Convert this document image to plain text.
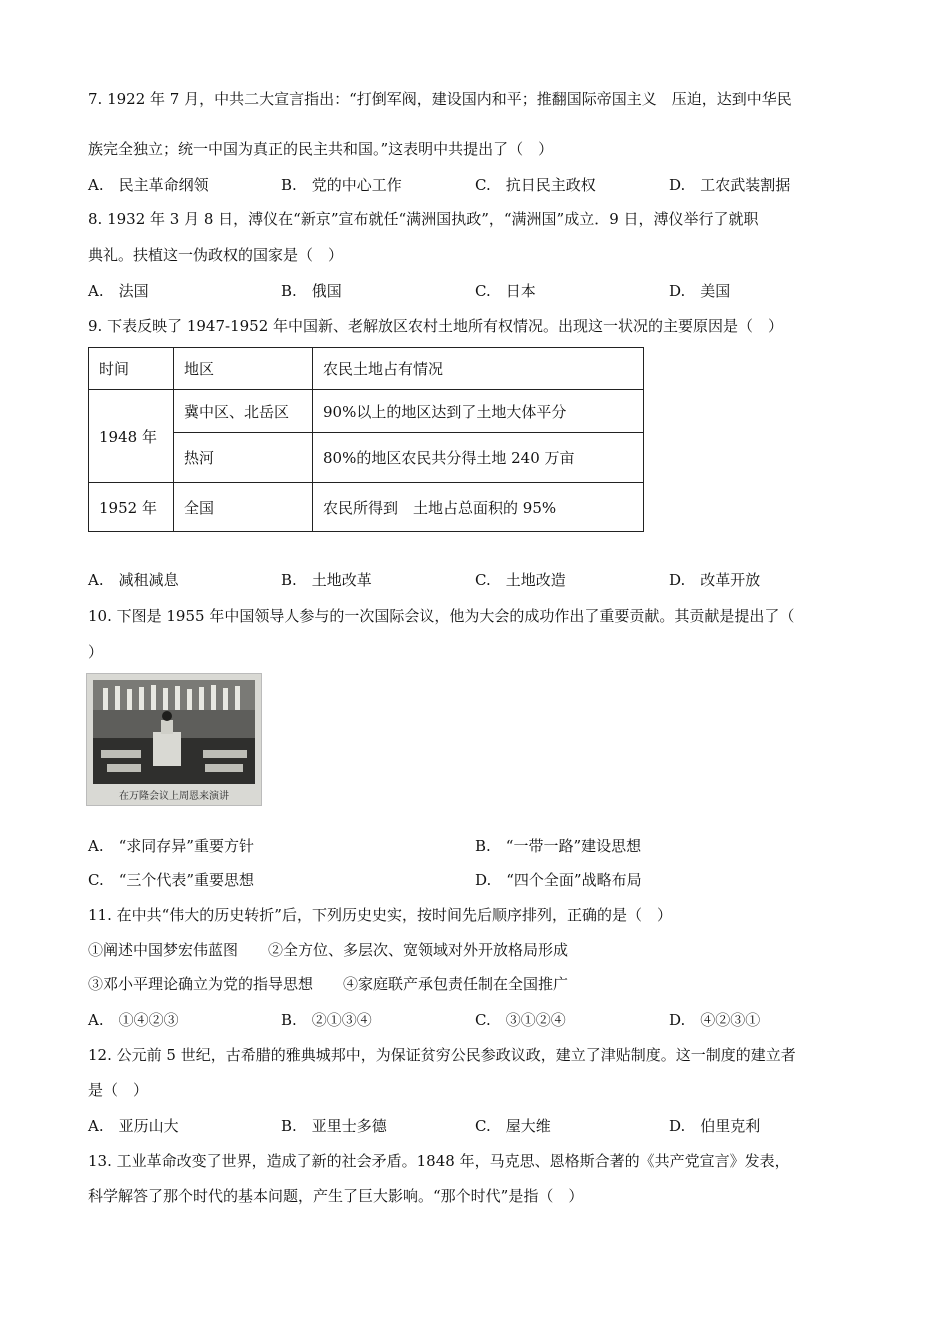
7. 1922 年 7 月，中共二大宣言指出：“打倒军阀，建设国内和平；推翻国际帝国主义　压迫，达到中华民
族完全独立；统一中国为真正的民主共和国。”这表明中共提出了（　）
A.　民主革命纲领	B.　党的中心工作	C.　抗日民主政权	D.　工农武装割据
8. 1932 年 3 月 8 日，溥仪在“新京”宣布就任“满洲国执政”，“满洲国”成立．9 日，溥仪举行了就职
典礼。扶植这一伪政权的国家是（　）
A.　法国	B.　俄国	C.　日本	D.　美国
9. 下表反映了 1947-1952 年中国新、老解放区农村土地所有权情况。出现这一状况的主要原因是（　）
时间	地区	农民土地占有情况
1948 年	冀中区、北岳区	90%以上的地区达到了土地大体平分
	热河	80%的地区农民共分得土地 240 万亩
1952 年	全国	农民所得到　土地占总面积的 95%
A.　减租减息	B.　土地改革	C.　土地改造	D.　改革开放
10. 下图是 1955 年中国领导人参与的一次国际会议，他为大会的成功作出了重要贡献。其贡献是提出了（
）
在万隆会议上周恩来演讲
A.　“求同存异”重要方针	B.　“一带一路”建设思想
C.　“三个代表”重要思想	D.　“四个全面”战略布局
11. 在中共“伟大的历史转折”后，下列历史史实，按时间先后顺序排列，正确的是（　）
①阐述中国梦宏伟蓝图　　②全方位、多层次、宽领域对外开放格局形成
③邓小平理论确立为党的指导思想　　④家庭联产承包责任制在全国推广
A.　①④②③	B.　②①③④	C.　③①②④	D.　④②③①
12. 公元前 5 世纪，古希腊的雅典城邦中，为保证贫穷公民参政议政，建立了津贴制度。这一制度的建立者
是（　）
A.　亚历山大	B.　亚里士多德	C.　屋大维	D.　伯里克利
13. 工业革命改变了世界，造成了新的社会矛盾。1848 年，马克思、恩格斯合著的《共产党宣言》发表，
科学解答了那个时代的基本问题，产生了巨大影响。“那个时代”是指（　）
